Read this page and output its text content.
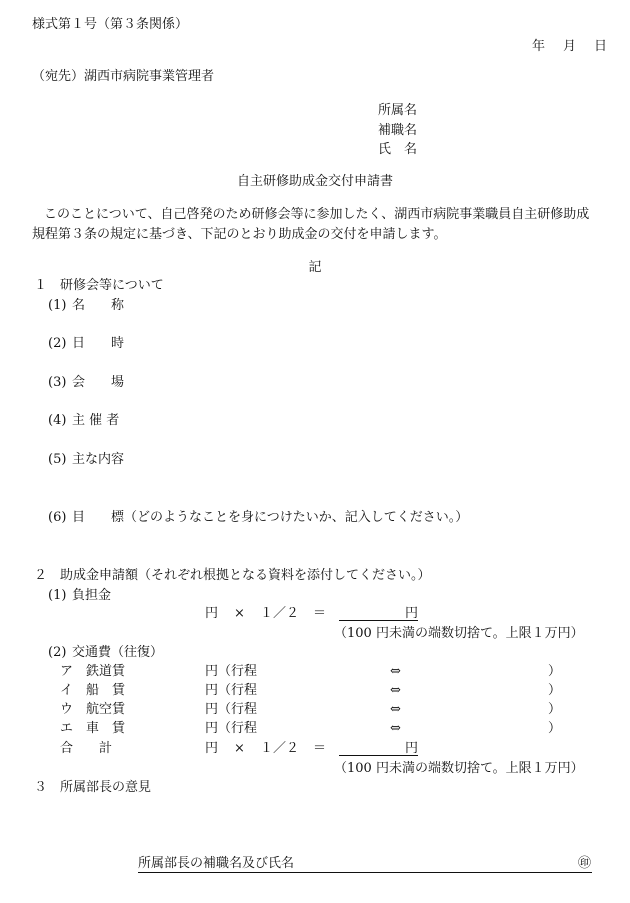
様式第１号（第３条関係）
年 月 日
（宛先）湖西市病院事業管理者
所属名
補職名
氏　名
自主研修助成金交付申請書
このことについて、自己啓発のため研修会等に参加したく、湖西市病院事業職員自主研修助成
規程第３条の規定に基づき、下記のとおり助成金の交付を申請します。
記
１　研修会等について
(1) 名　　称
(2) 日　　時
(3) 会　　場
(4) 主 催 者
(5) 主な内容
(6) 目　　標（どのようなことを身につけたいか、記入してください。）
２　助成金申請額（それぞれ根拠となる資料を添付してください。）
(1) 負担金
円 × １／２ ＝	円
（100 円未満の端数切捨て。上限１万円）
(2) 交通費（往復）
ア 鉄道賃	円（行程	⇔	）
イ 船　賃	円（行程	⇔	）
ウ 航空賃	円（行程	⇔	）
エ 車　賃	円（行程	⇔	）
合　　計	円 × １／２ ＝	円
（100 円未満の端数切捨て。上限１万円）
３　所属部長の意見
所属部長の補職名及び氏名	㊞
